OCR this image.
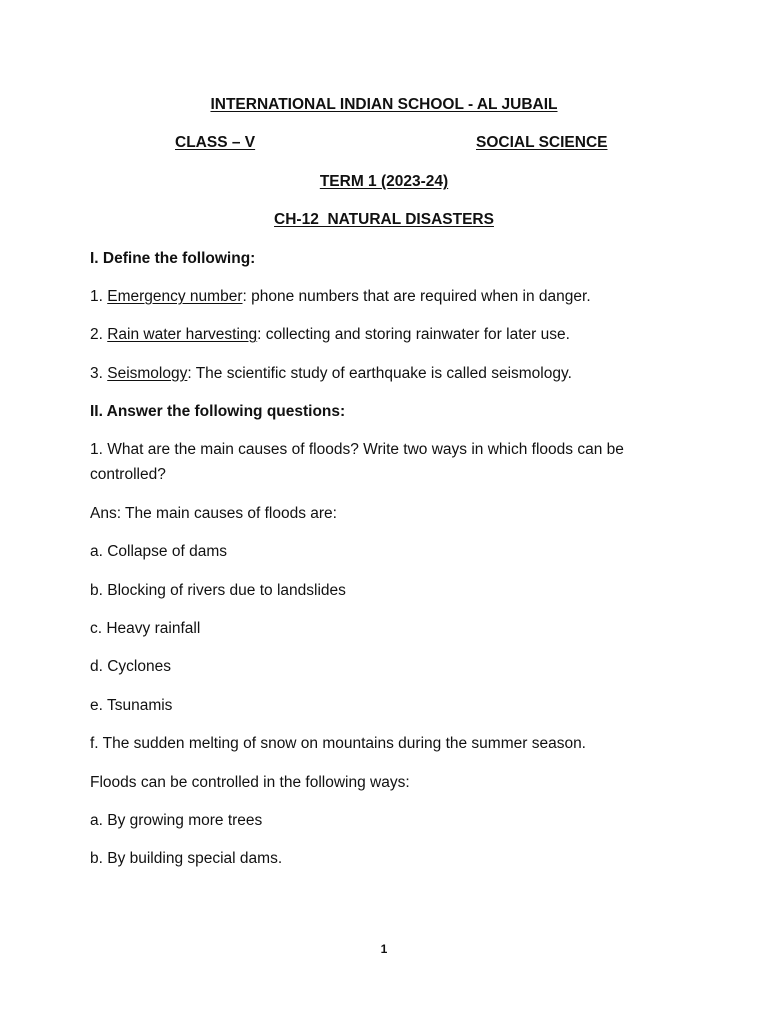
INTERNATIONAL INDIAN SCHOOL - AL JUBAIL
CLASS – V	SOCIAL SCIENCE
TERM 1 (2023-24)
CH-12  NATURAL DISASTERS
I. Define the following:
1. Emergency number: phone numbers that are required when in danger.
2. Rain water harvesting: collecting and storing rainwater for later use.
3. Seismology: The scientific study of earthquake is called seismology.
II. Answer the following questions:
1. What are the main causes of floods? Write two ways in which floods can be
controlled?
Ans: The main causes of floods are:
a. Collapse of dams
b. Blocking of rivers due to landslides
c. Heavy rainfall
d. Cyclones
e. Tsunamis
f. The sudden melting of snow on mountains during the summer season.
Floods can be controlled in the following ways:
a. By growing more trees
b. By building special dams.
1
